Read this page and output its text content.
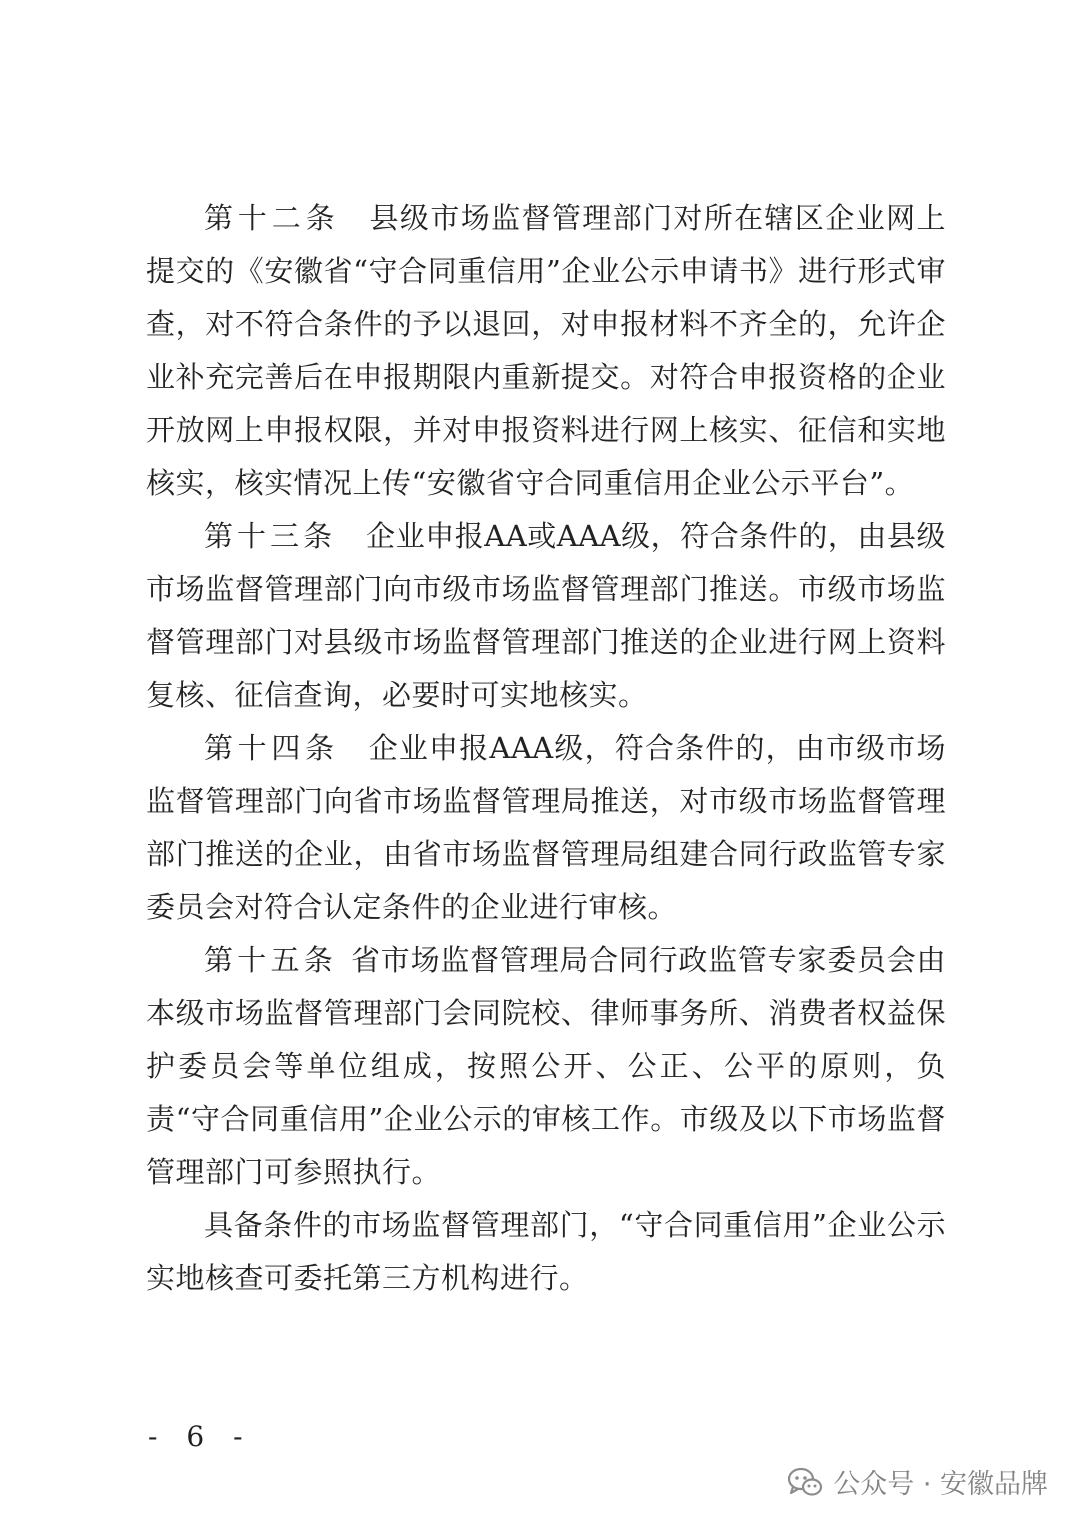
第十二条 县级市场监督管理部门对所在辖区企业网上提交的《安徽省“守合同重信用”企业公示申请书》进行形式审查，对不符合条件的予以退回，对申报材料不齐全的，允许企业补充完善后在申报期限内重新提交。对符合申报资格的企业开放网上申报权限，并对申报资料进行网上核实、征信和实地核实，核实情况上传“安徽省守合同重信用企业公示平台”。

第十三条 企业申报AA或AAA级，符合条件的，由县级市场监督管理部门向市级市场监督管理部门推送。市级市场监督管理部门对县级市场监督管理部门推送的企业进行网上资料复核、征信查询，必要时可实地核实。

第十四条 企业申报AAA级，符合条件的，由市级市场监督管理部门向省市场监督管理局推送，对市级市场监督管理部门推送的企业，由省市场监督管理局组建合同行政监管专家委员会对符合认定条件的企业进行审核。

第十五条 省市场监督管理局合同行政监管专家委员会由本级市场监督管理部门会同院校、律师事务所、消费者权益保护委员会等单位组成，按照公开、公正、公平的原则，负责“守合同重信用”企业公示的审核工作。市级及以下市场监督管理部门可参照执行。

具备条件的市场监督管理部门，“守合同重信用”企业公示实地核查可委托第三方机构进行。

- 6 -
公众号 · 安徽品牌
